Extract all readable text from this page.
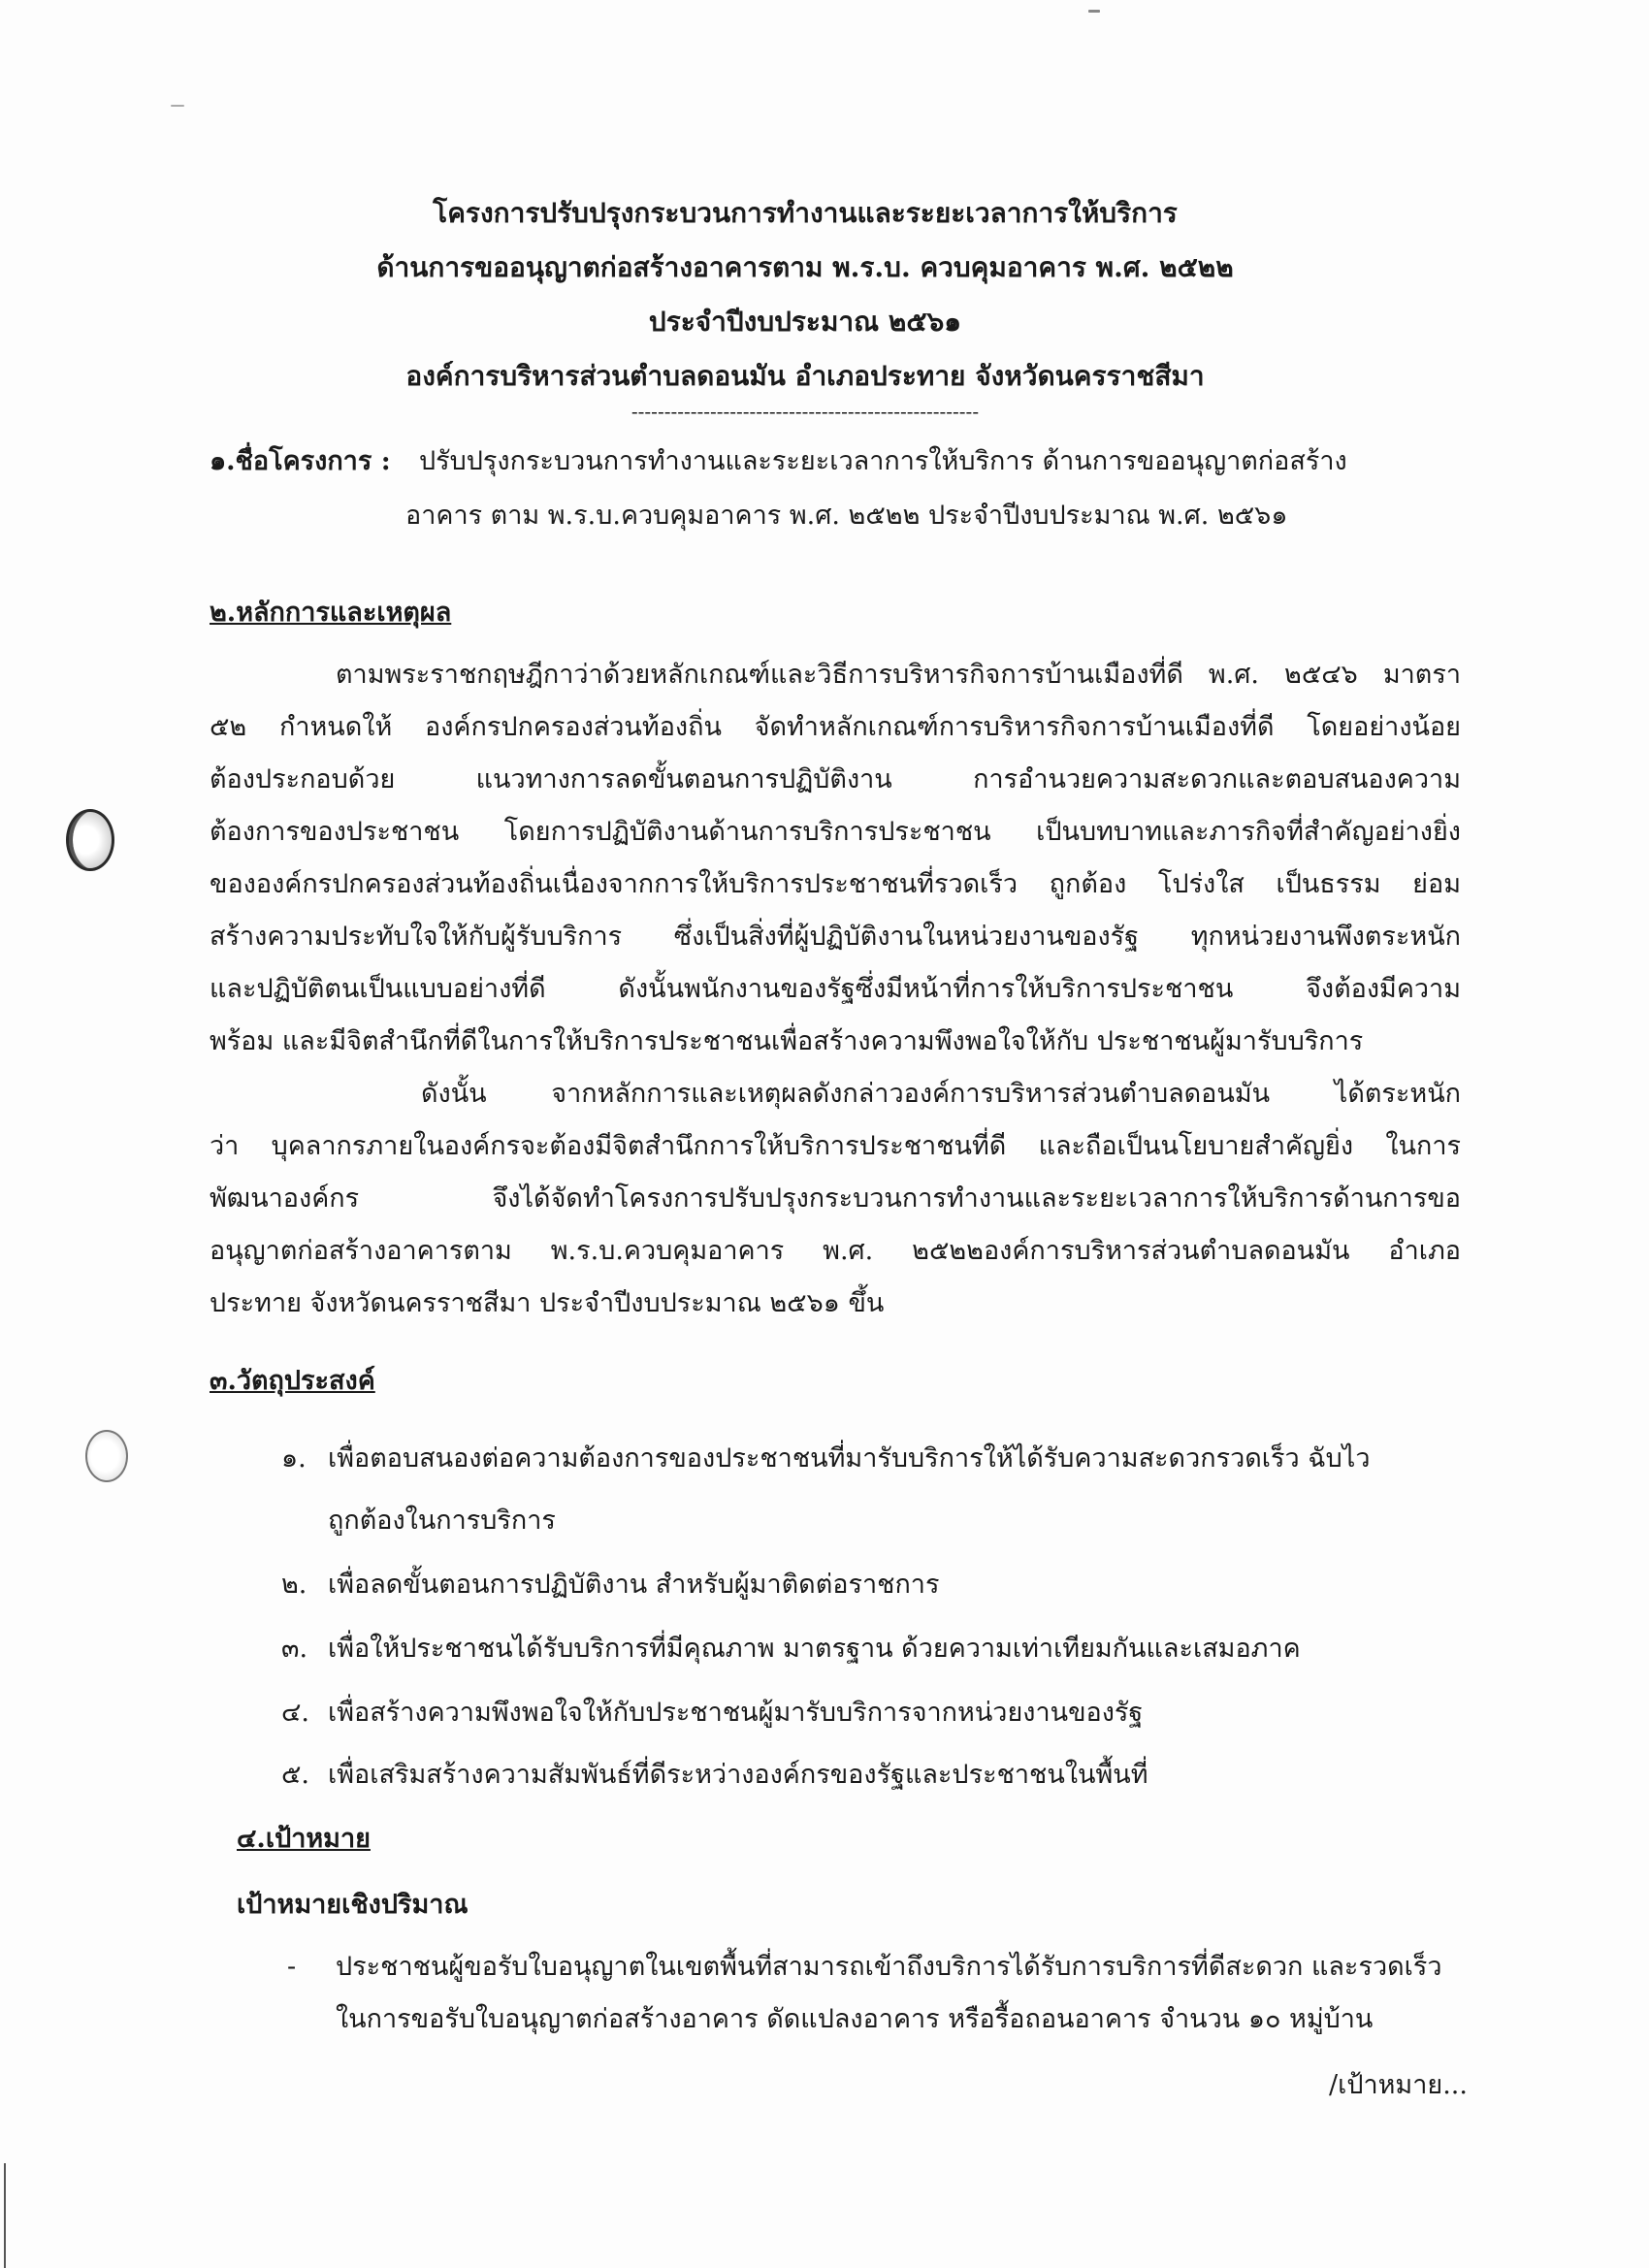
โครงการปรับปรุงกระบวนการทำงานและระยะเวลาการให้บริการ
ด้านการขออนุญาตก่อสร้างอาคารตาม พ.ร.บ. ควบคุมอาคาร พ.ศ. ๒๕๒๒
ประจำปีงบประมาณ ๒๕๖๑
องค์การบริหารส่วนตำบลดอนมัน อำเภอประทาย จังหวัดนครราชสีมา
-----------------------------------------------------
๑.ชื่อโครงการ : ปรับปรุงกระบวนการทำงานและระยะเวลาการให้บริการ ด้านการขออนุญาตก่อสร้าง
อาคาร ตาม พ.ร.บ.ควบคุมอาคาร พ.ศ. ๒๕๒๒ ประจำปีงบประมาณ พ.ศ. ๒๕๖๑
๒.หลักการและเหตุผล
ตามพระราชกฤษฎีกาว่าด้วยหลักเกณฑ์และวิธีการบริหารกิจการบ้านเมืองที่ดี พ.ศ. ๒๕๔๖ มาตรา
๕๒ กำหนดให้ องค์กรปกครองส่วนท้องถิ่น จัดทำหลักเกณฑ์การบริหารกิจการบ้านเมืองที่ดี โดยอย่างน้อย
ต้องประกอบด้วย แนวทางการลดขั้นตอนการปฏิบัติงาน การอำนวยความสะดวกและตอบสนองความ
ต้องการของประชาชน โดยการปฏิบัติงานด้านการบริการประชาชน เป็นบทบาทและภารกิจที่สำคัญอย่างยิ่ง
ขององค์กรปกครองส่วนท้องถิ่นเนื่องจากการให้บริการประชาชนที่รวดเร็ว ถูกต้อง โปร่งใส เป็นธรรม ย่อม
สร้างความประทับใจให้กับผู้รับบริการ ซึ่งเป็นสิ่งที่ผู้ปฏิบัติงานในหน่วยงานของรัฐ ทุกหน่วยงานพึงตระหนัก
และปฏิบัติตนเป็นแบบอย่างที่ดี ดังนั้นพนักงานของรัฐซึ่งมีหน้าที่การให้บริการประชาชน จึงต้องมีความ
พร้อม และมีจิตสำนึกที่ดีในการให้บริการประชาชนเพื่อสร้างความพึงพอใจให้กับ ประชาชนผู้มารับบริการ
ดังนั้น จากหลักการและเหตุผลดังกล่าวองค์การบริหารส่วนตำบลดอนมัน ได้ตระหนัก
ว่า บุคลากรภายในองค์กรจะต้องมีจิตสำนึกการให้บริการประชาชนที่ดี และถือเป็นนโยบายสำคัญยิ่ง ในการ
พัฒนาองค์กร จึงได้จัดทำโครงการปรับปรุงกระบวนการทำงานและระยะเวลาการให้บริการด้านการขอ
อนุญาตก่อสร้างอาคารตาม พ.ร.บ.ควบคุมอาคาร พ.ศ. ๒๕๒๒องค์การบริหารส่วนตำบลดอนมัน อำเภอ
ประทาย จังหวัดนครราชสีมา ประจำปีงบประมาณ ๒๕๖๑ ขึ้น
๓.วัตถุประสงค์
๑. เพื่อตอบสนองต่อความต้องการของประชาชนที่มารับบริการให้ได้รับความสะดวกรวดเร็ว ฉับไว
ถูกต้องในการบริการ
๒. เพื่อลดขั้นตอนการปฏิบัติงาน สำหรับผู้มาติดต่อราชการ
๓. เพื่อให้ประชาชนได้รับบริการที่มีคุณภาพ มาตรฐาน ด้วยความเท่าเทียมกันและเสมอภาค
๔. เพื่อสร้างความพึงพอใจให้กับประชาชนผู้มารับบริการจากหน่วยงานของรัฐ
๕. เพื่อเสริมสร้างความสัมพันธ์ที่ดีระหว่างองค์กรของรัฐและประชาชนในพื้นที่
๔.เป้าหมาย
เป้าหมายเชิงปริมาณ
- ประชาชนผู้ขอรับใบอนุญาตในเขตพื้นที่สามารถเข้าถึงบริการได้รับการบริการที่ดีสะดวก และรวดเร็ว
ในการขอรับใบอนุญาตก่อสร้างอาคาร ดัดแปลงอาคาร หรือรื้อถอนอาคาร จำนวน ๑๐ หมู่บ้าน
/เป้าหมาย...
